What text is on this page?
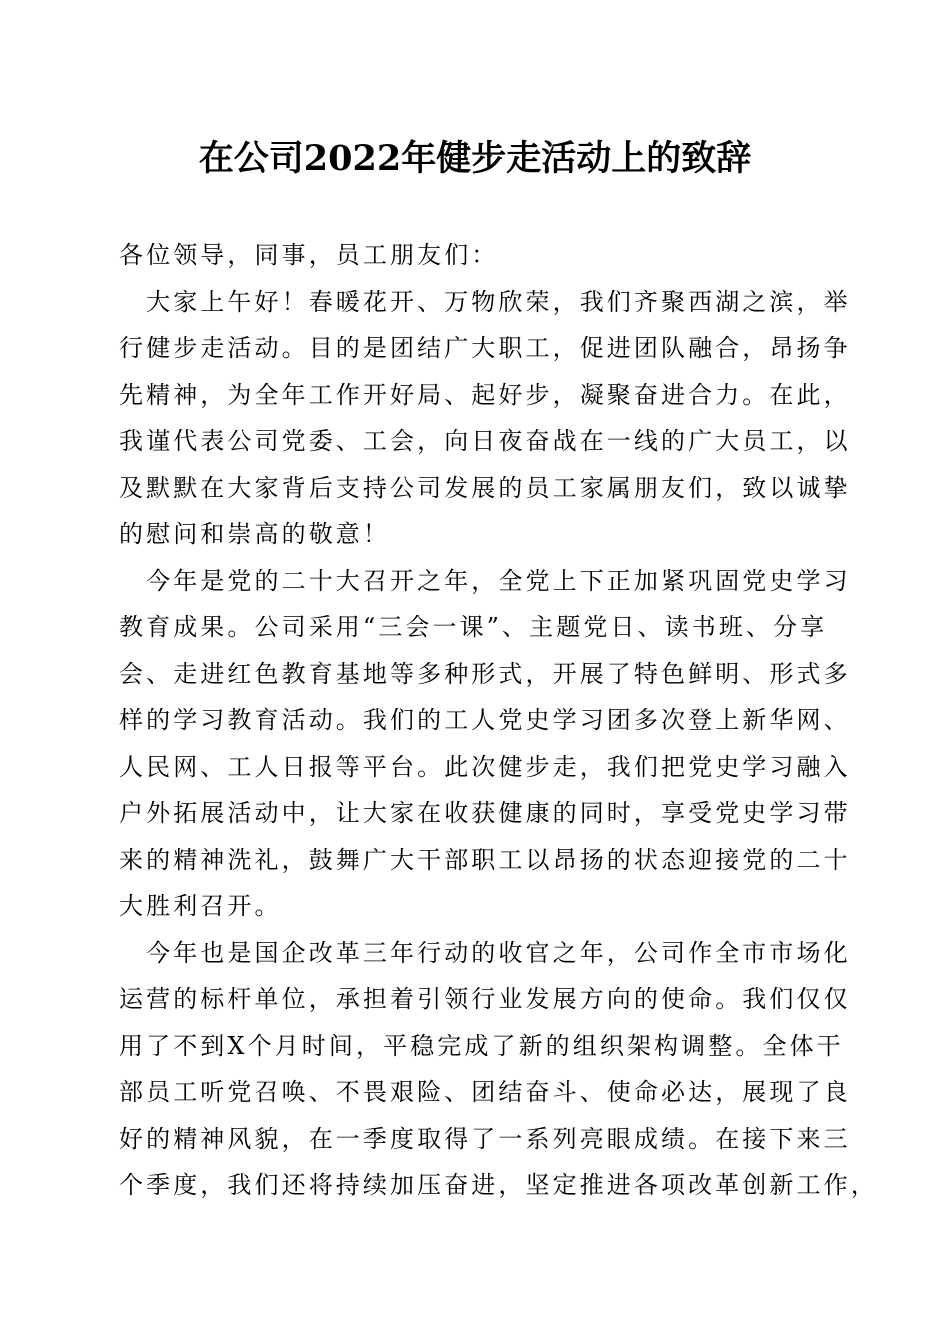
在公司2022年健步走活动上的致辞
各位领导，同事，员工朋友们：
　大家上午好！春暖花开、万物欣荣，我们齐聚西湖之滨，举
行健步走活动。目的是团结广大职工，促进团队融合，昂扬争
先精神，为全年工作开好局、起好步，凝聚奋进合力。在此，
我谨代表公司党委、工会，向日夜奋战在一线的广大员工，以
及默默在大家背后支持公司发展的员工家属朋友们，致以诚挚
的慰问和崇高的敬意！
　今年是党的二十大召开之年，全党上下正加紧巩固党史学习
教育成果。公司采用“三会一课”、主题党日、读书班、分享
会、走进红色教育基地等多种形式，开展了特色鲜明、形式多
样的学习教育活动。我们的工人党史学习团多次登上新华网、
人民网、工人日报等平台。此次健步走，我们把党史学习融入
户外拓展活动中，让大家在收获健康的同时，享受党史学习带
来的精神洗礼，鼓舞广大干部职工以昂扬的状态迎接党的二十
大胜利召开。
　今年也是国企改革三年行动的收官之年，公司作全市市场化
运营的标杆单位，承担着引领行业发展方向的使命。我们仅仅
用了不到X个月时间，平稳完成了新的组织架构调整。全体干
部员工听党召唤、不畏艰险、团结奋斗、使命必达，展现了良
好的精神风貌，在一季度取得了一系列亮眼成绩。在接下来三
个季度，我们还将持续加压奋进，坚定推进各项改革创新工作，
